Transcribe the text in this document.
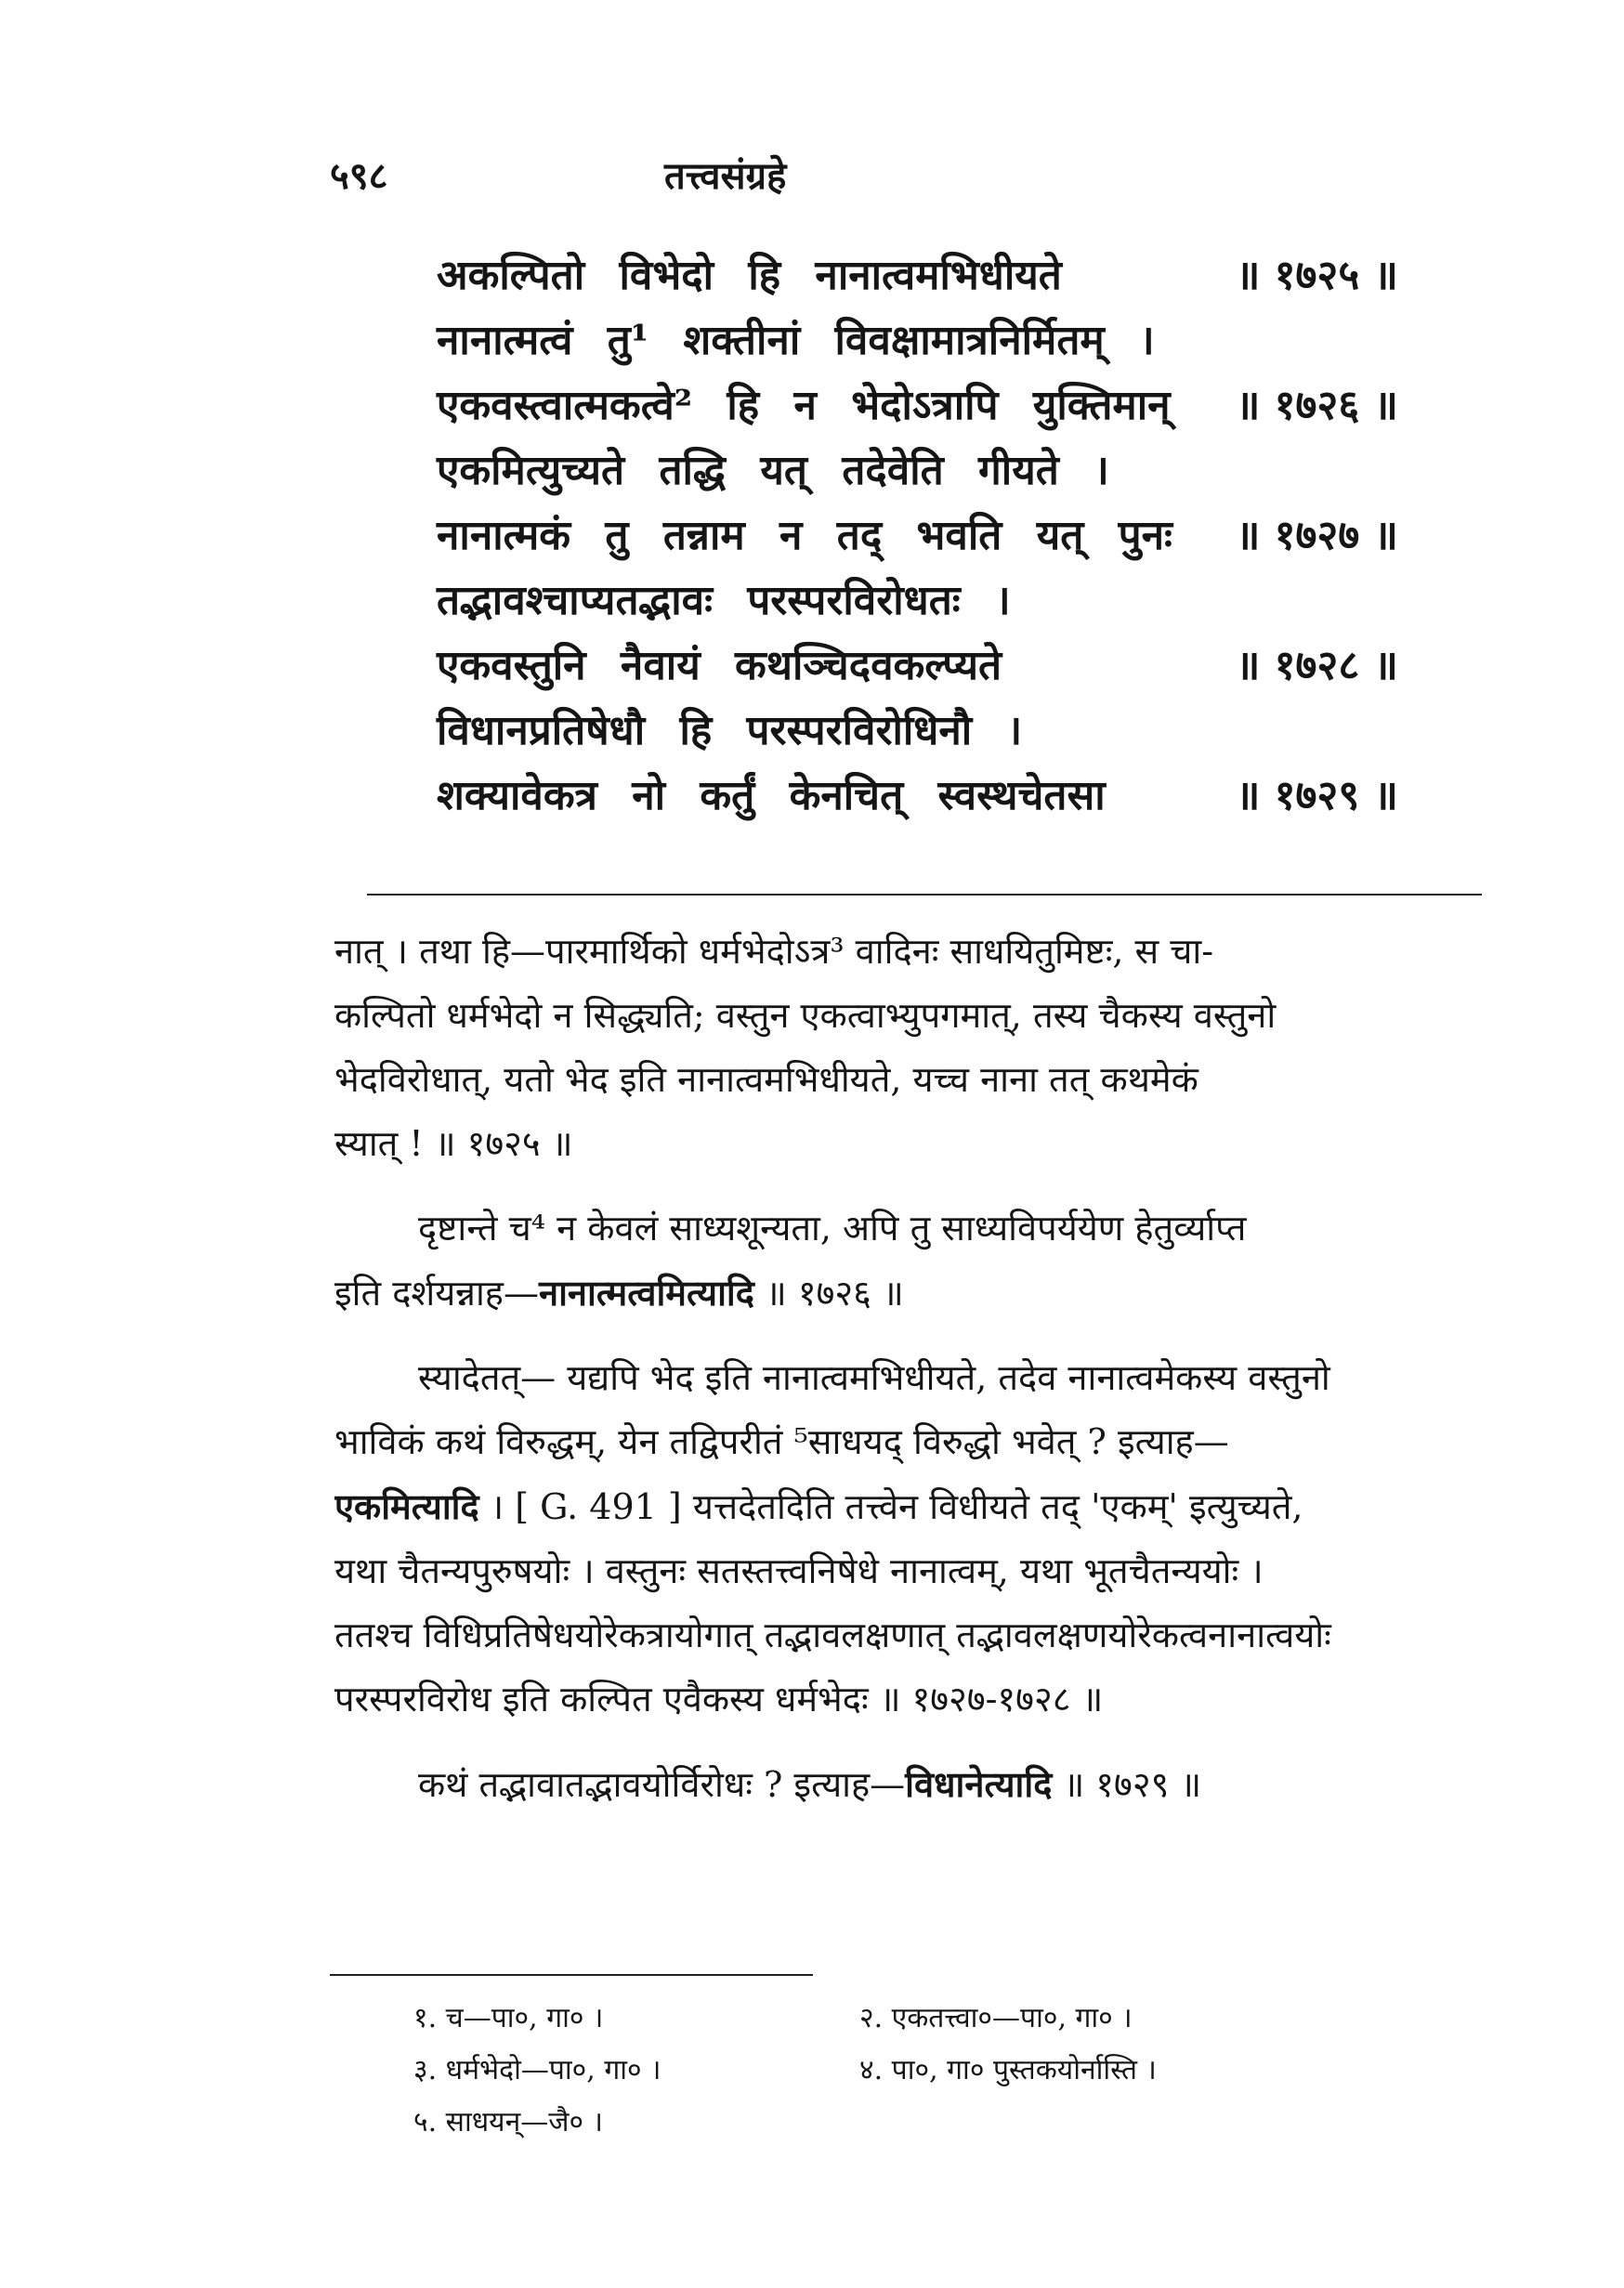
५९८	तत्त्वसंग्रहे
अकल्पितो विभेदो हि नानात्वमभिधीयते	॥ १७२५ ॥
नानात्मत्वं तु¹ शक्तीनां विवक्षामात्रनिर्मितम् ।
एकवस्त्वात्मकत्वे² हि न भेदोऽत्रापि युक्तिमान् ॥ १७२६ ॥
एकमित्युच्यते तद्धि यत् तदेवेति गीयते ।
नानात्मकं तु तन्नाम न तद् भवति यत् पुनः ॥ १७२७ ॥
तद्भावश्चाप्यतद्भावः परस्परविरोधतः ।
एकवस्तुनि नैवायं कथञ्चिदवकल्प्यते	॥ १७२८ ॥
विधानप्रतिषेधौ हि परस्परविरोधिनौ ।
शक्यावेकत्र नो कर्तुं केनचित् स्वस्थचेतसा	॥ १७२९ ॥

नात् । तथा हि—पारमार्थिको धर्मभेदोऽत्र³ वादिनः साधयितुमिष्टः, स चा-
कल्पितो धर्मभेदो न सिद्ध्यति; वस्तुन एकत्वाभ्युपगमात्, तस्य चैकस्य वस्तुनो
भेदविरोधात्, यतो भेद इति नानात्वमभिधीयते, यच्च नाना तत् कथमेकं
स्यात् ! ॥ १७२५ ॥

दृष्टान्ते च⁴ न केवलं साध्यशून्यता, अपि तु साध्यविपर्ययेण हेतुर्व्याप्त
इति दर्शयन्नाह—नानात्मत्वमित्यादि ॥ १७२६ ॥

स्यादेतत्— यद्यपि भेद इति नानात्वमभिधीयते, तदेव नानात्वमेकस्य वस्तुनो
भाविकं कथं विरुद्धम्, येन तद्विपरीतं ⁵साधयद् विरुद्धो भवेत् ? इत्याह—
एकमित्यादि । [ G. 491 ] यत्तदेतदिति तत्त्वेन विधीयते तद् 'एकम्' इत्युच्यते,
यथा चैतन्यपुरुषयोः । वस्तुनः सतस्तत्त्वनिषेधे नानात्वम्, यथा भूतचैतन्ययोः ।
ततश्च विधिप्रतिषेधयोरेकत्रायोगात् तद्भावलक्षणात् तद्भावलक्षणयोरेकत्वनानात्वयोः
परस्परविरोध इति कल्पित एवैकस्य धर्मभेदः ॥ १७२७-१७२८ ॥

कथं तद्भावातद्भावयोर्विरोधः ? इत्याह—विधानेत्यादि ॥ १७२९ ॥

१. च—पा०, गा० ।	२. एकतत्त्वा०—पा०, गा० ।
३. धर्मभेदो—पा०, गा० ।	४. पा०, गा० पुस्तकयोर्नास्ति ।
५. साधयन्—जै० ।
